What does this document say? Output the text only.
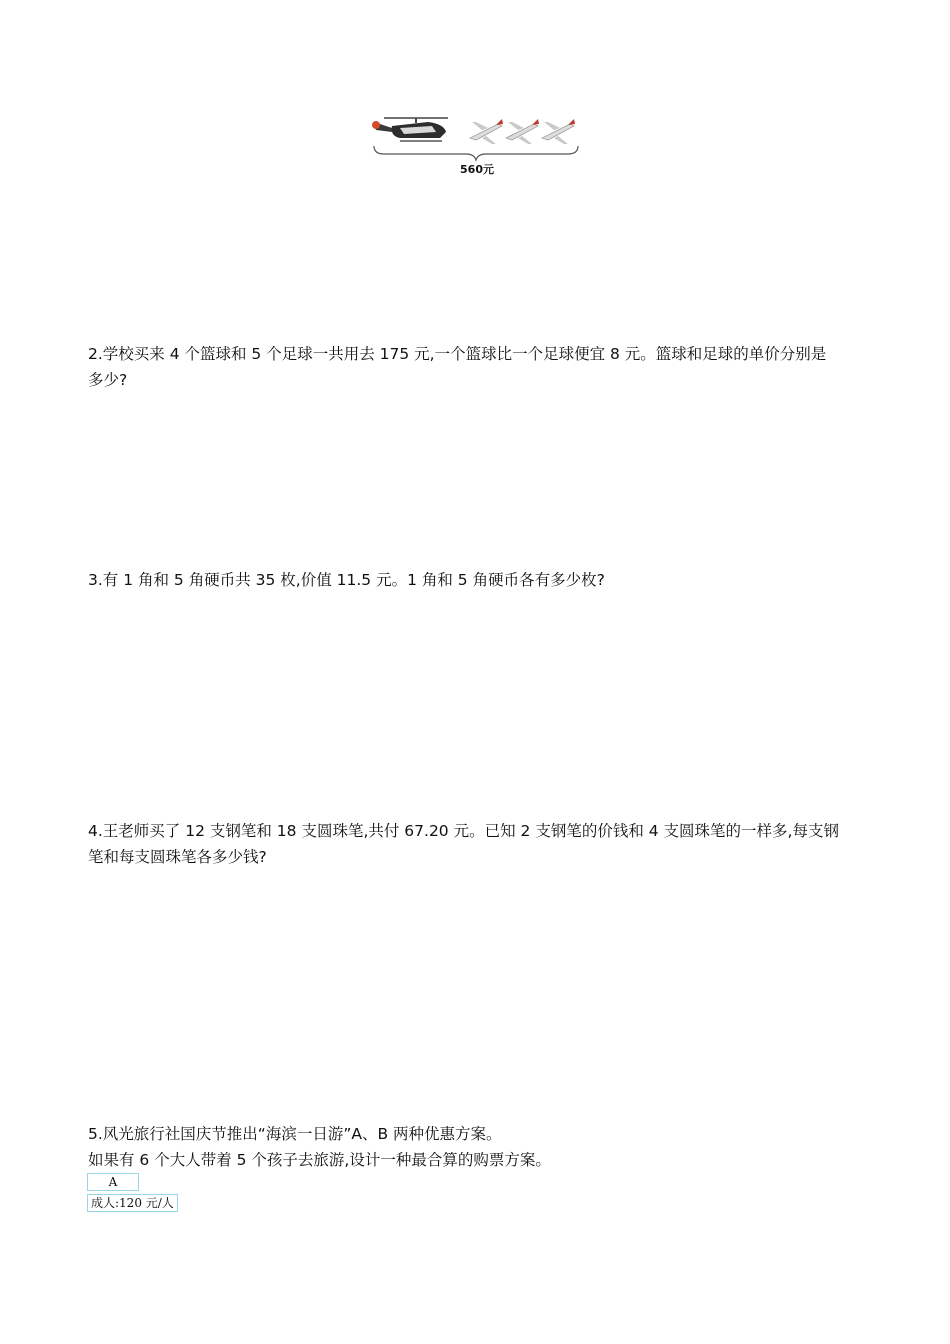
560元
2.学校买来 4 个篮球和 5 个足球一共用去 175 元,一个篮球比一个足球便宜 8 元。篮球和足球的单价分别是
多少?
3.有 1 角和 5 角硬币共 35 枚,价值 11.5 元。1 角和 5 角硬币各有多少枚?
4.王老师买了 12 支钢笔和 18 支圆珠笔,共付 67.20 元。已知 2 支钢笔的价钱和 4 支圆珠笔的一样多,每支钢
笔和每支圆珠笔各多少钱?
5.风光旅行社国庆节推出“海滨一日游”A、B 两种优惠方案。
如果有 6 个大人带着 5 个孩子去旅游,设计一种最合算的购票方案。
A
成人:120 元/人
